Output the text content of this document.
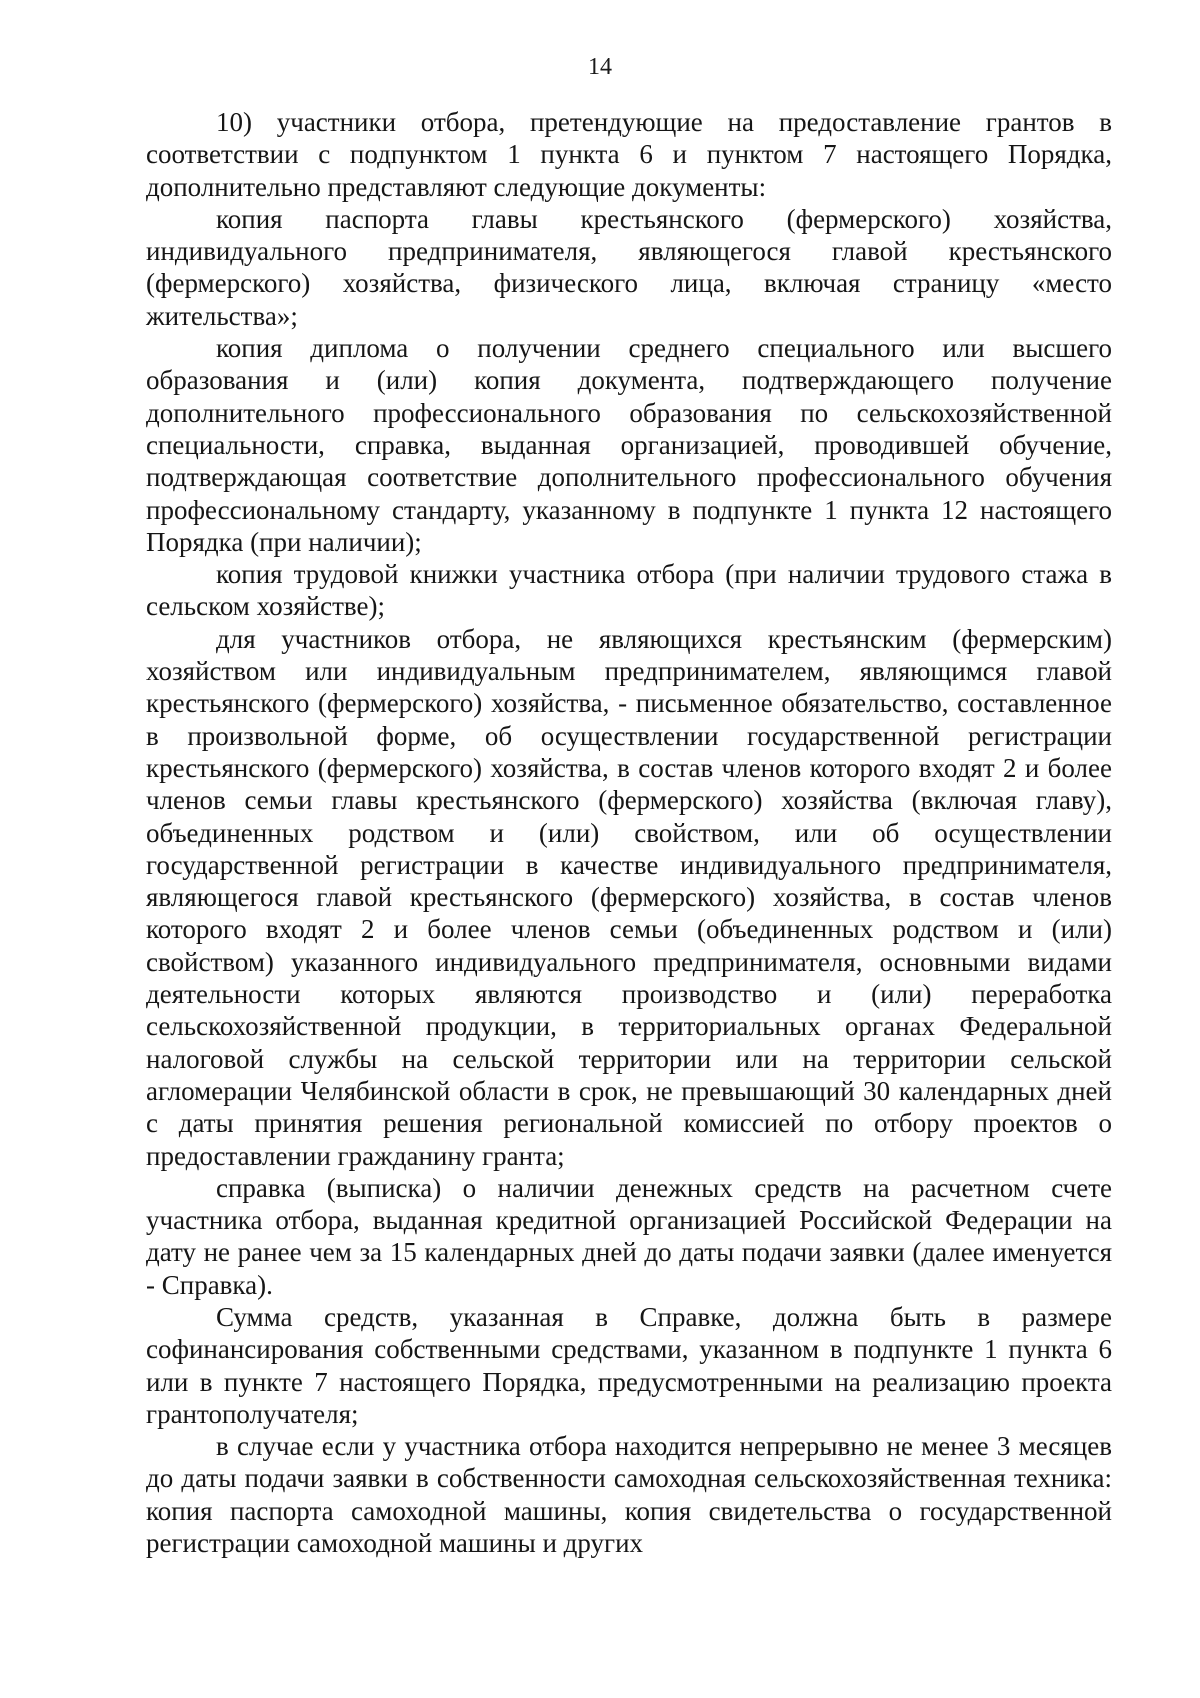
14

10) участники отбора, претендующие на предоставление грантов в соответствии с подпунктом 1 пункта 6 и пунктом 7 настоящего Порядка, дополнительно представляют следующие документы:

копия паспорта главы крестьянского (фермерского) хозяйства, индивидуального предпринимателя, являющегося главой крестьянского (фермерского) хозяйства, физического лица, включая страницу «место жительства»;

копия диплома о получении среднего специального или высшего образования и (или) копия документа, подтверждающего получение дополнительного профессионального образования по сельскохозяйственной специальности, справка, выданная организацией, проводившей обучение, подтверждающая соответствие дополнительного профессионального обучения профессиональному стандарту, указанному в подпункте 1 пункта 12 настоящего Порядка (при наличии);

копия трудовой книжки участника отбора (при наличии трудового стажа в сельском хозяйстве);

для участников отбора, не являющихся крестьянским (фермерским) хозяйством или индивидуальным предпринимателем, являющимся главой крестьянского (фермерского) хозяйства, - письменное обязательство, составленное в произвольной форме, об осуществлении государственной регистрации крестьянского (фермерского) хозяйства, в состав членов которого входят 2 и более членов семьи главы крестьянского (фермерского) хозяйства (включая главу), объединенных родством и (или) свойством, или об осуществлении государственной регистрации в качестве индивидуального предпринимателя, являющегося главой крестьянского (фермерского) хозяйства, в состав членов которого входят 2 и более членов семьи (объединенных родством и (или) свойством) указанного индивидуального предпринимателя, основными видами деятельности которых являются производство и (или) переработка сельскохозяйственной продукции, в территориальных органах Федеральной налоговой службы на сельской территории или на территории сельской агломерации Челябинской области в срок, не превышающий 30 календарных дней с даты принятия решения региональной комиссией по отбору проектов о предоставлении гражданину гранта;

справка (выписка) о наличии денежных средств на расчетном счете участника отбора, выданная кредитной организацией Российской Федерации на дату не ранее чем за 15 календарных дней до даты подачи заявки (далее именуется - Справка).

Сумма средств, указанная в Справке, должна быть в размере софинансирования собственными средствами, указанном в подпункте 1 пункта 6 или в пункте 7 настоящего Порядка, предусмотренными на реализацию проекта грантополучателя;

в случае если у участника отбора находится непрерывно не менее 3 месяцев до даты подачи заявки в собственности самоходная сельскохозяйственная техника: копия паспорта самоходной машины, копия свидетельства о государственной регистрации самоходной машины и других
